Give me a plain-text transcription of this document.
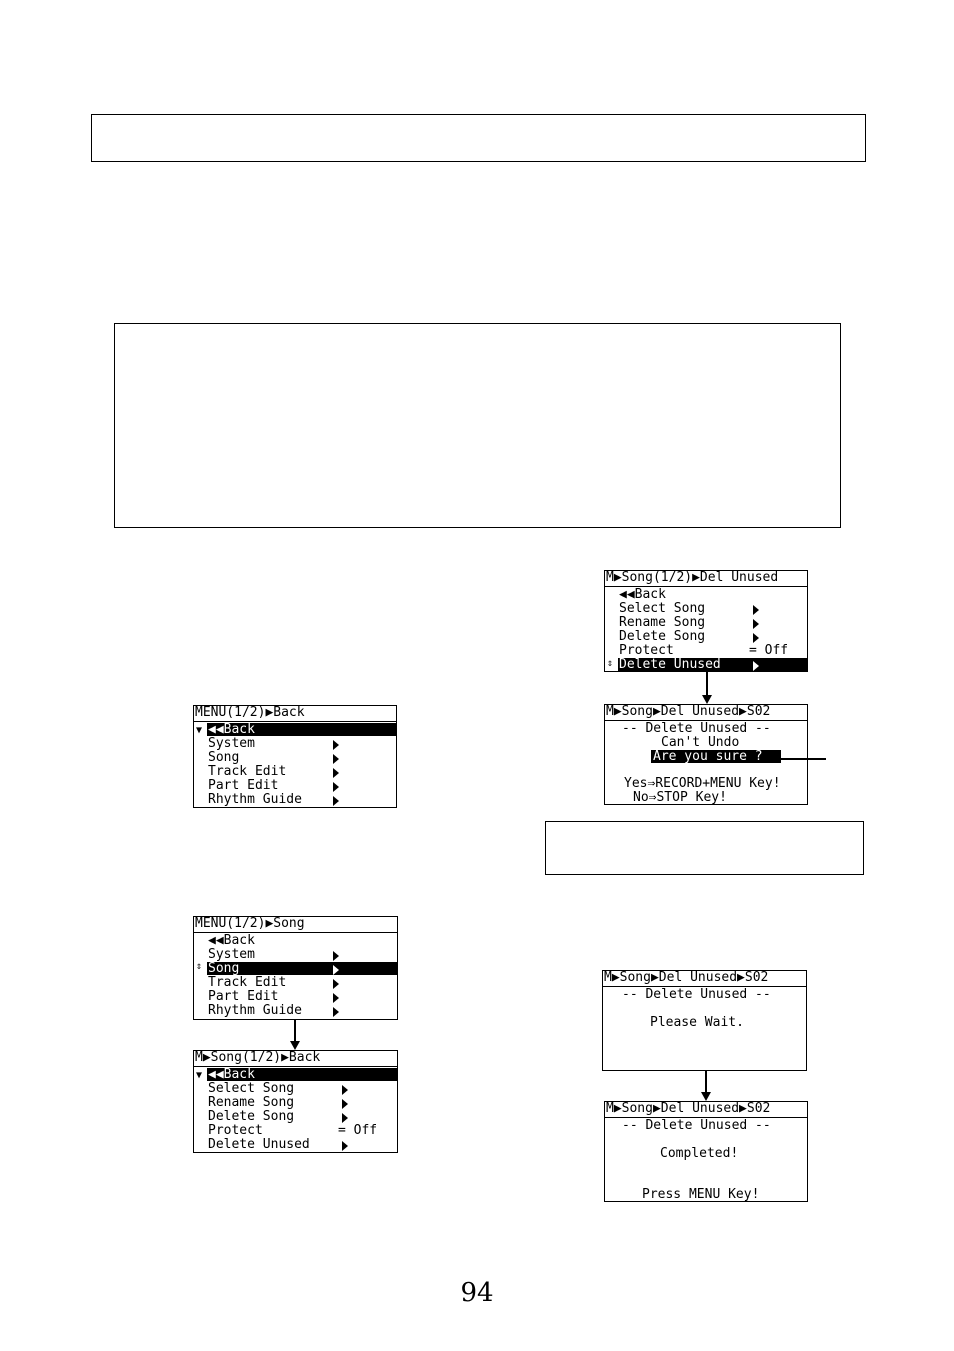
MENU(1/2)▶Back
▼ ◀◀Back
System
Song
Track Edit
Part Edit
Rhythm Guide
MENU(1/2)▶Song
⇕
◀◀Back
System
Song
Track Edit
Part Edit
Rhythm Guide
M▶Song(1/2)▶Back
▼ ◀◀Back
Select Song
Rename Song
Delete Song
Protect	= Off
Delete Unused
M▶Song(1/2)▶Del Unused
⇕
◀◀Back
Select Song
Rename Song
Delete Song
Protect	= Off
Delete Unused
M▶Song▶Del Unused▶S02
-- Delete Unused --
Can't Undo
Are you sure ?
Yes⇒RECORD+MENU Key!
No⇒STOP Key!
M▶Song▶Del Unused▶S02
-- Delete Unused --
Please Wait.
M▶Song▶Del Unused▶S02
-- Delete Unused --
Completed!
Press MENU Key!
94
